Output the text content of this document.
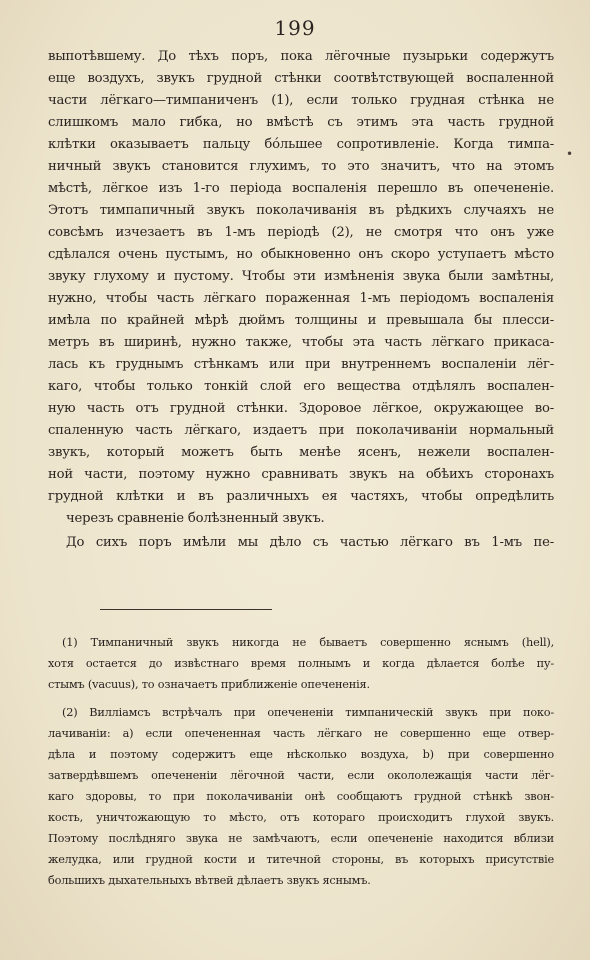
199
•
выпотѣвшему. До тѣхъ поръ, пока лёгочные пузырьки содержутъ
еще воздухъ, звукъ грудной стѣнки соотвѣтствующей воспаленной
части лёгкаго—тимпаниченъ (1), если только грудная стѣнка не
слишкомъ мало гибка, но вмѣстѣ съ этимъ эта часть грудной
клѣтки оказываетъ пальцу бóльшее сопротивленіе. Когда тимпа-
ничный звукъ становится глухимъ, то это значитъ, что на этомъ
мѣстѣ, лёгкое изъ 1-го періода воспаленія перешло въ опечененіе.
Этотъ тимпапичный звукъ поколачиванія въ рѣдкихъ случаяхъ не
совсѣмъ изчезаетъ въ 1-мъ періодѣ (2), не смотря что онъ уже
сдѣлался очень пустымъ, но обыкновенно онъ скоро уступаетъ мѣсто
звуку глухому и пустому. Чтобы эти измѣненія звука были замѣтны,
нужно, чтобы часть лёгкаго пораженная 1-мъ періодомъ воспаленія
имѣла по крайней мѣрѣ дюймъ толщины и превышала бы плесси-
метръ въ ширинѣ, нужно также, чтобы эта часть лёгкаго прикаса-
лась къ груднымъ стѣнкамъ или при внутреннемъ воспаленіи лёг-
каго, чтобы только тонкій слой его вещества отдѣлялъ воспален-
ную часть отъ грудной стѣнки. Здоровое лёгкое, окружающее во-
спаленную часть лёгкаго, издаетъ при поколачиваніи нормальный
звукъ, который можетъ быть менѣе ясенъ, нежели воспален-
ной части, поэтому нужно сравнивать звукъ на обѣихъ сторонахъ
грудной клѣтки и въ различныхъ ея частяхъ, чтобы опредѣлить
черезъ сравненіе болѣзненный звукъ.
До сихъ поръ имѣли мы дѣло съ частью лёгкаго въ 1-мъ пе-
(1) Тимпаничный звукъ никогда не бываетъ совершенно яснымъ (hell),
хотя остается до извѣстнаго время полнымъ и когда дѣлается болѣе пу-
стымъ (vacuus), то означаетъ приближеніе опечененія.
(2) Вилліамсъ встрѣчалъ при опечененіи тимпаническій звукъ при поко-
лачиваніи: а) если опечененная часть лёгкаго не совершенно еще отвер-
дѣла и поэтому содержитъ еще нѣсколько воздуха, b) при совершенно
затвердѣвшемъ опечененіи лёгочной части, если окололежащія части лёг-
каго здоровы, то при поколачиваніи онѣ сообщаютъ грудной стѣнкѣ звон-
кость, уничтожающую то мѣсто, отъ котораго происходитъ глухой звукъ.
Поэтому послѣдняго звука не замѣчаютъ, если опечененіе находится вблизи
желудка, или грудной кости и титечной стороны, въ которыхъ присутствіе
большихъ дыхательныхъ вѣтвей дѣлаетъ звукъ яснымъ.
